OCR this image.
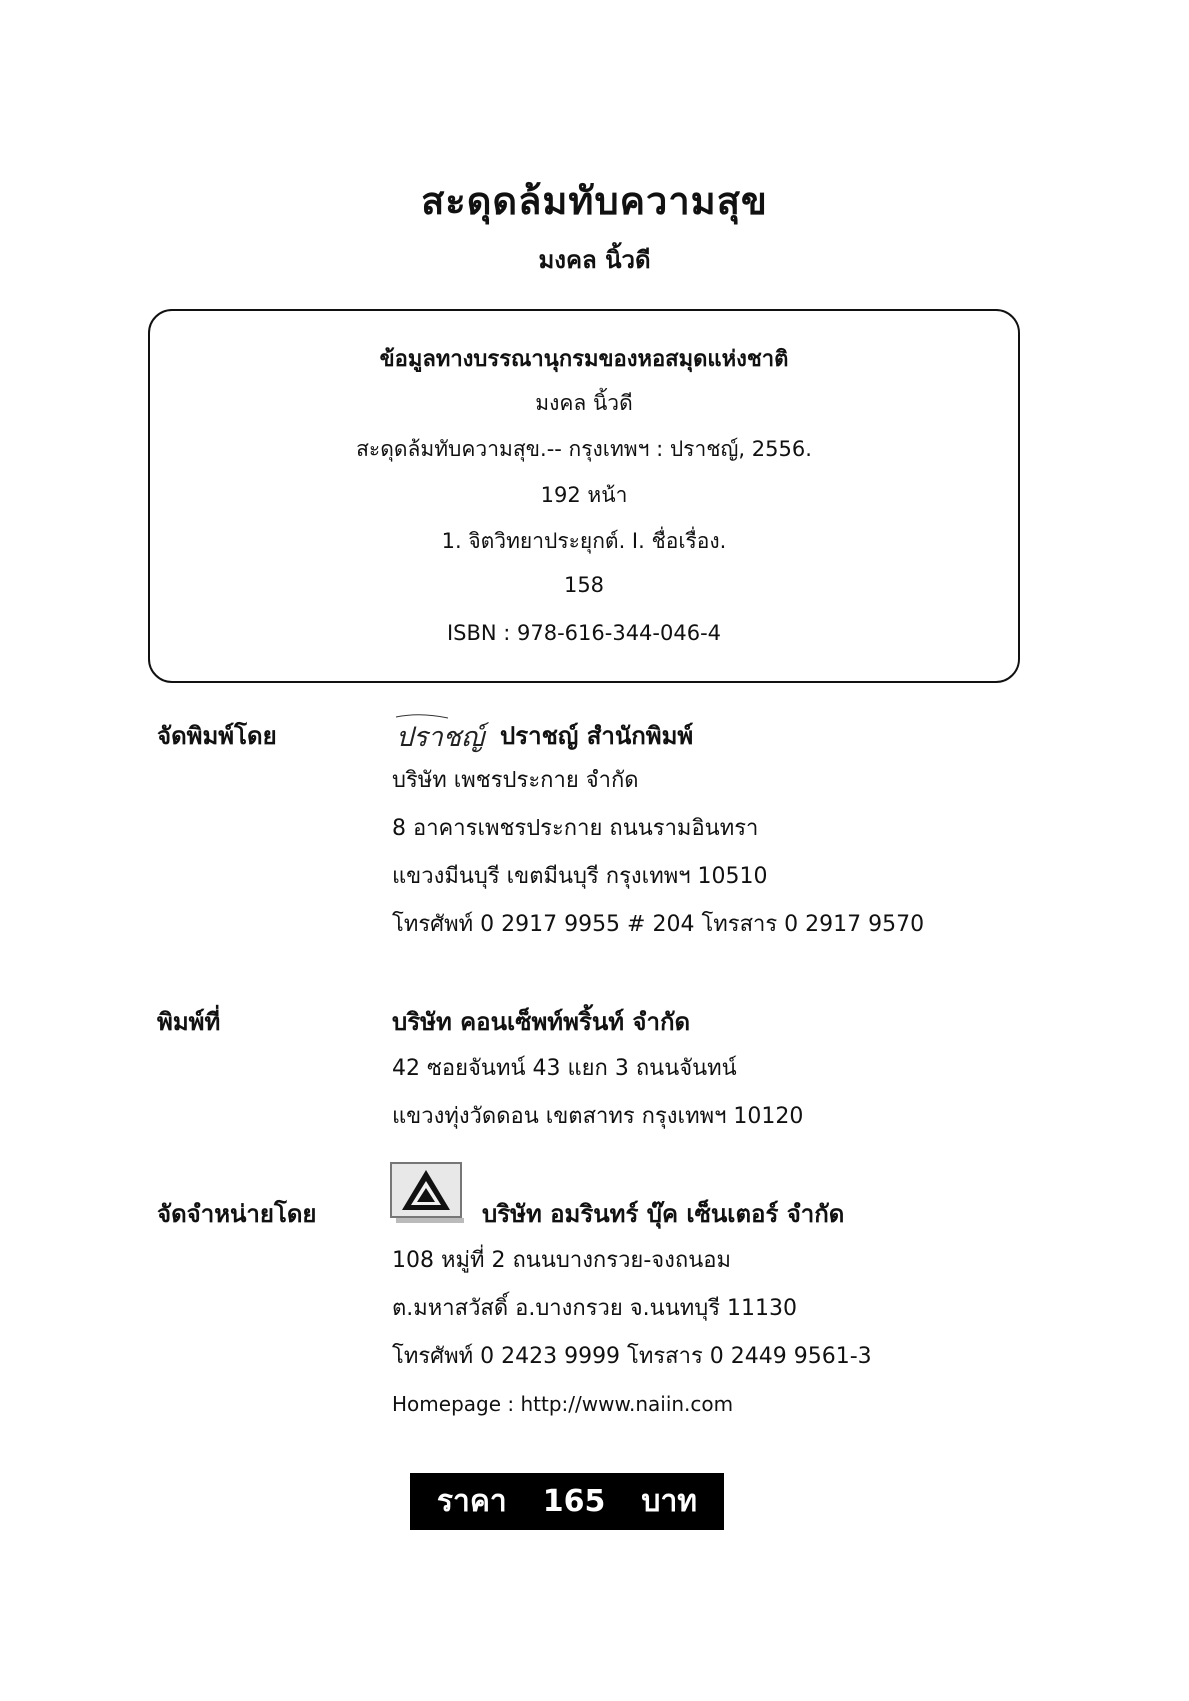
สะดุดล้มทับความสุข
มงคล นิ้วดี
ข้อมูลทางบรรณานุกรมของหอสมุดแห่งชาติ
มงคล นิ้วดี
สะดุดล้มทับความสุข.-- กรุงเทพฯ : ปราชญ์, 2556.
192 หน้า
1. จิตวิทยาประยุกต์. I. ชื่อเรื่อง.
158
ISBN : 978-616-344-046-4
จัดพิมพ์โดย	ปราชญ์ ปราชญ์ สำนักพิมพ์
บริษัท เพชรประกาย จำกัด
8 อาคารเพชรประกาย ถนนรามอินทรา
แขวงมีนบุรี เขตมีนบุรี กรุงเทพฯ 10510
โทรศัพท์ 0 2917 9955 # 204 โทรสาร 0 2917 9570
พิมพ์ที่	บริษัท คอนเซ็พท์พริ้นท์ จำกัด
42 ซอยจันทน์ 43 แยก 3 ถนนจันทน์
แขวงทุ่งวัดดอน เขตสาทร กรุงเทพฯ 10120
จัดจำหน่ายโดย	บริษัท อมรินทร์ บุ๊ค เซ็นเตอร์ จำกัด
108 หมู่ที่ 2 ถนนบางกรวย-จงถนอม
ต.มหาสวัสดิ์ อ.บางกรวย จ.นนทบุรี 11130
โทรศัพท์ 0 2423 9999 โทรสาร 0 2449 9561-3
Homepage : http://www.naiin.com
ราคา 165 บาท
